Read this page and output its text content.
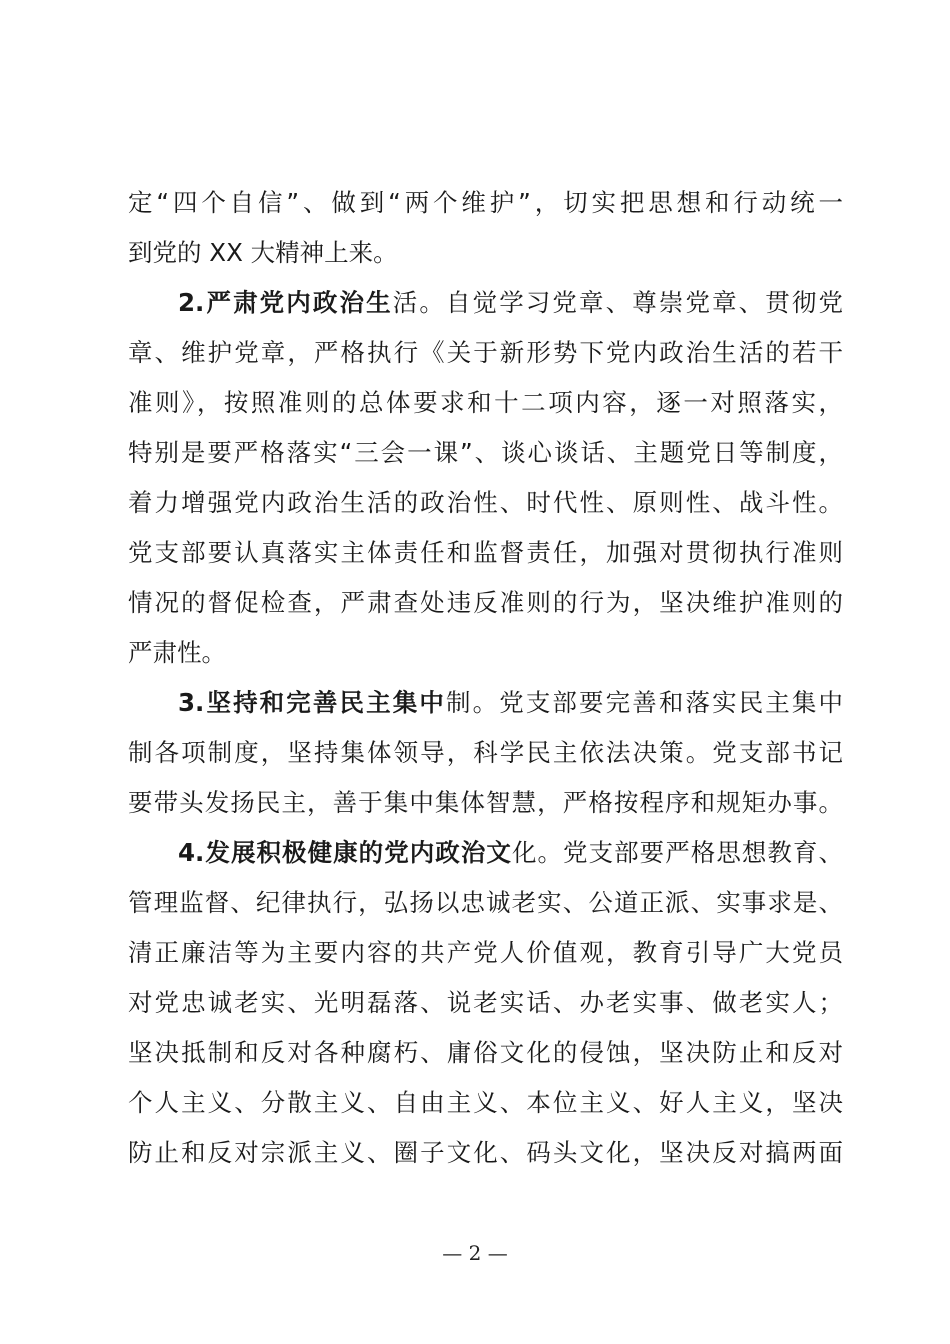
定“四个自信”、做到“两个维护”，切实把思想和行动统一
到党的 XX 大精神上来。
2.严肃党内政治生活。自觉学习党章、尊崇党章、贯彻党
章、维护党章，严格执行《关于新形势下党内政治生活的若干
准则》，按照准则的总体要求和十二项内容，逐一对照落实，
特别是要严格落实“三会一课”、谈心谈话、主题党日等制度，
着力增强党内政治生活的政治性、时代性、原则性、战斗性。
党支部要认真落实主体责任和监督责任，加强对贯彻执行准则
情况的督促检查，严肃查处违反准则的行为，坚决维护准则的
严肃性。
3.坚持和完善民主集中制。党支部要完善和落实民主集中
制各项制度，坚持集体领导，科学民主依法决策。党支部书记
要带头发扬民主，善于集中集体智慧，严格按程序和规矩办事。
4.发展积极健康的党内政治文化。党支部要严格思想教育、
管理监督、纪律执行，弘扬以忠诚老实、公道正派、实事求是、
清正廉洁等为主要内容的共产党人价值观，教育引导广大党员
对党忠诚老实、光明磊落、说老实话、办老实事、做老实人；
坚决抵制和反对各种腐朽、庸俗文化的侵蚀，坚决防止和反对
个人主义、分散主义、自由主义、本位主义、好人主义，坚决
防止和反对宗派主义、圈子文化、码头文化，坚决反对搞两面
— 2 —
